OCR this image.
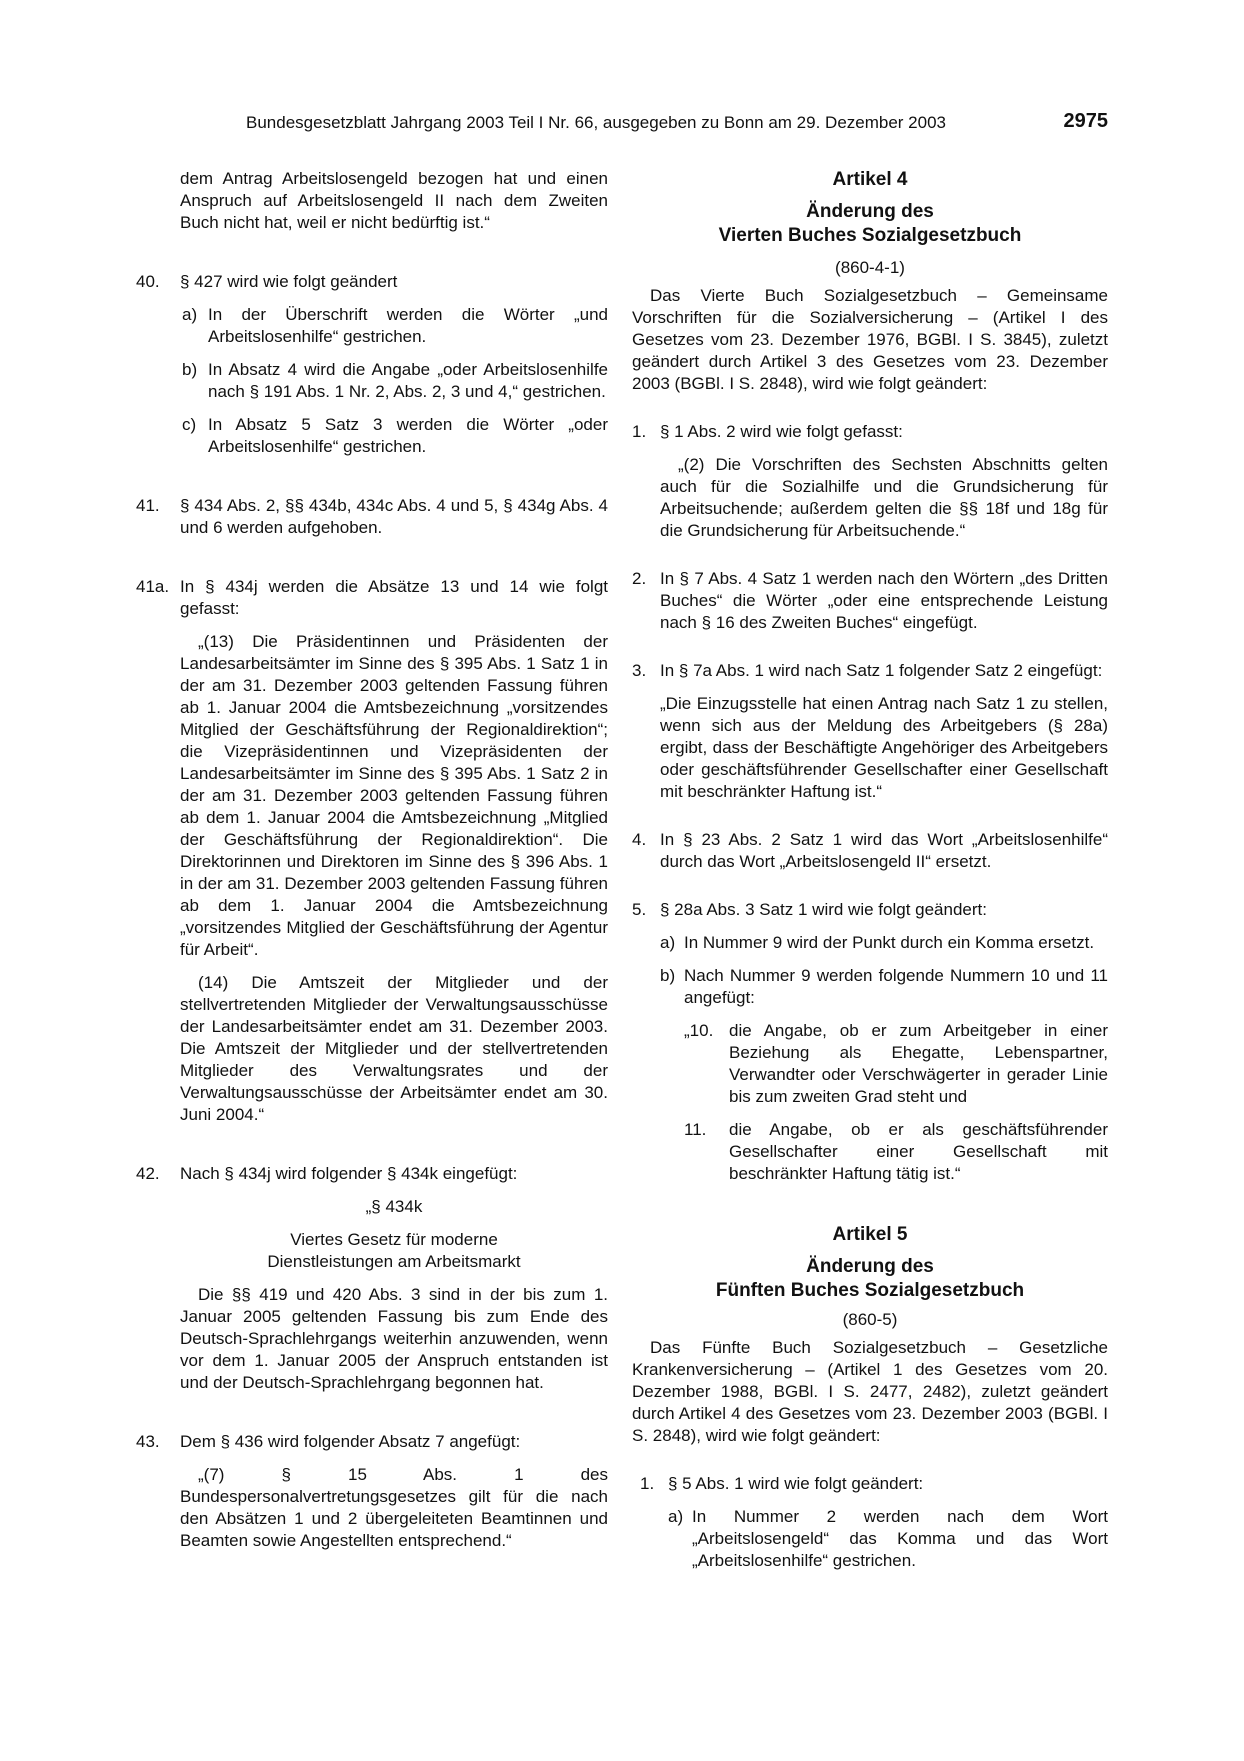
Bundesgesetzblatt Jahrgang 2003 Teil I Nr. 66, ausgegeben zu Bonn am 29. Dezember 2003	2975

dem Antrag Arbeitslosengeld bezogen hat und einen Anspruch auf Arbeitslosengeld II nach dem Zweiten Buch nicht hat, weil er nicht bedürftig ist.“

40. § 427 wird wie folgt geändert

a) In der Überschrift werden die Wörter „und Arbeitslosenhilfe“ gestrichen.

b) In Absatz 4 wird die Angabe „oder Arbeitslosenhilfe nach § 191 Abs. 1 Nr. 2, Abs. 2, 3 und 4,“ gestrichen.

c) In Absatz 5 Satz 3 werden die Wörter „oder Arbeitslosenhilfe“ gestrichen.

41. § 434 Abs. 2, §§ 434b, 434c Abs. 4 und 5, § 434g Abs. 4 und 6 werden aufgehoben.

41a. In § 434j werden die Absätze 13 und 14 wie folgt gefasst:

„(13) Die Präsidentinnen und Präsidenten der Landesarbeitsämter im Sinne des § 395 Abs. 1 Satz 1 in der am 31. Dezember 2003 geltenden Fassung führen ab 1. Januar 2004 die Amtsbezeichnung „vorsitzendes Mitglied der Geschäftsführung der Regionaldirektion“; die Vizepräsidentinnen und Vizepräsidenten der Landesarbeitsämter im Sinne des § 395 Abs. 1 Satz 2 in der am 31. Dezember 2003 geltenden Fassung führen ab dem 1. Januar 2004 die Amtsbezeichnung „Mitglied der Geschäftsführung der Regionaldirektion“. Die Direktorinnen und Direktoren im Sinne des § 396 Abs. 1 in der am 31. Dezember 2003 geltenden Fassung führen ab dem 1. Januar 2004 die Amtsbezeichnung „vorsitzendes Mitglied der Geschäftsführung der Agentur für Arbeit“.

(14) Die Amtszeit der Mitglieder und der stellvertretenden Mitglieder der Verwaltungsausschüsse der Landesarbeitsämter endet am 31. Dezember 2003. Die Amtszeit der Mitglieder und der stellvertretenden Mitglieder des Verwaltungsrates und der Verwaltungsausschüsse der Arbeitsämter endet am 30. Juni 2004.“

42. Nach § 434j wird folgender § 434k eingefügt:

„§ 434k

Viertes Gesetz für moderne

Dienstleistungen am Arbeitsmarkt

Die §§ 419 und 420 Abs. 3 sind in der bis zum 1. Januar 2005 geltenden Fassung bis zum Ende des Deutsch-Sprachlehrgangs weiterhin anzuwenden, wenn vor dem 1. Januar 2005 der Anspruch entstanden ist und der Deutsch-Sprachlehrgang begonnen hat.

43. Dem § 436 wird folgender Absatz 7 angefügt:

„(7) § 15 Abs. 1 des Bundespersonalvertretungsgesetzes gilt für die nach den Absätzen 1 und 2 übergeleiteten Beamtinnen und Beamten sowie Angestellten entsprechend.“

Artikel 4

Änderung des

Vierten Buches Sozialgesetzbuch

(860-4-1)

Das Vierte Buch Sozialgesetzbuch – Gemeinsame Vorschriften für die Sozialversicherung – (Artikel I des Gesetzes vom 23. Dezember 1976, BGBl. I S. 3845), zuletzt geändert durch Artikel 3 des Gesetzes vom 23. Dezember 2003 (BGBl. I S. 2848), wird wie folgt geändert:

1. § 1 Abs. 2 wird wie folgt gefasst:

„(2) Die Vorschriften des Sechsten Abschnitts gelten auch für die Sozialhilfe und die Grundsicherung für Arbeitsuchende; außerdem gelten die §§ 18f und 18g für die Grundsicherung für Arbeitsuchende.“

2. In § 7 Abs. 4 Satz 1 werden nach den Wörtern „des Dritten Buches“ die Wörter „oder eine entsprechende Leistung nach § 16 des Zweiten Buches“ eingefügt.

3. In § 7a Abs. 1 wird nach Satz 1 folgender Satz 2 eingefügt:

„Die Einzugsstelle hat einen Antrag nach Satz 1 zu stellen, wenn sich aus der Meldung des Arbeitgebers (§ 28a) ergibt, dass der Beschäftigte Angehöriger des Arbeitgebers oder geschäftsführender Gesellschafter einer Gesellschaft mit beschränkter Haftung ist.“

4. In § 23 Abs. 2 Satz 1 wird das Wort „Arbeitslosenhilfe“ durch das Wort „Arbeitslosengeld II“ ersetzt.

5. § 28a Abs. 3 Satz 1 wird wie folgt geändert:

a) In Nummer 9 wird der Punkt durch ein Komma ersetzt.

b) Nach Nummer 9 werden folgende Nummern 10 und 11 angefügt:

„10. die Angabe, ob er zum Arbeitgeber in einer Beziehung als Ehegatte, Lebenspartner, Verwandter oder Verschwägerter in gerader Linie bis zum zweiten Grad steht und

11. die Angabe, ob er als geschäftsführender Gesellschafter einer Gesellschaft mit beschränkter Haftung tätig ist.“

Artikel 5

Änderung des

Fünften Buches Sozialgesetzbuch

(860-5)

Das Fünfte Buch Sozialgesetzbuch – Gesetzliche Krankenversicherung – (Artikel 1 des Gesetzes vom 20. Dezember 1988, BGBl. I S. 2477, 2482), zuletzt geändert durch Artikel 4 des Gesetzes vom 23. Dezember 2003 (BGBl. I S. 2848), wird wie folgt geändert:

1. § 5 Abs. 1 wird wie folgt geändert:

a) In Nummer 2 werden nach dem Wort „Arbeitslosengeld“ das Komma und das Wort „Arbeitslosenhilfe“ gestrichen.
